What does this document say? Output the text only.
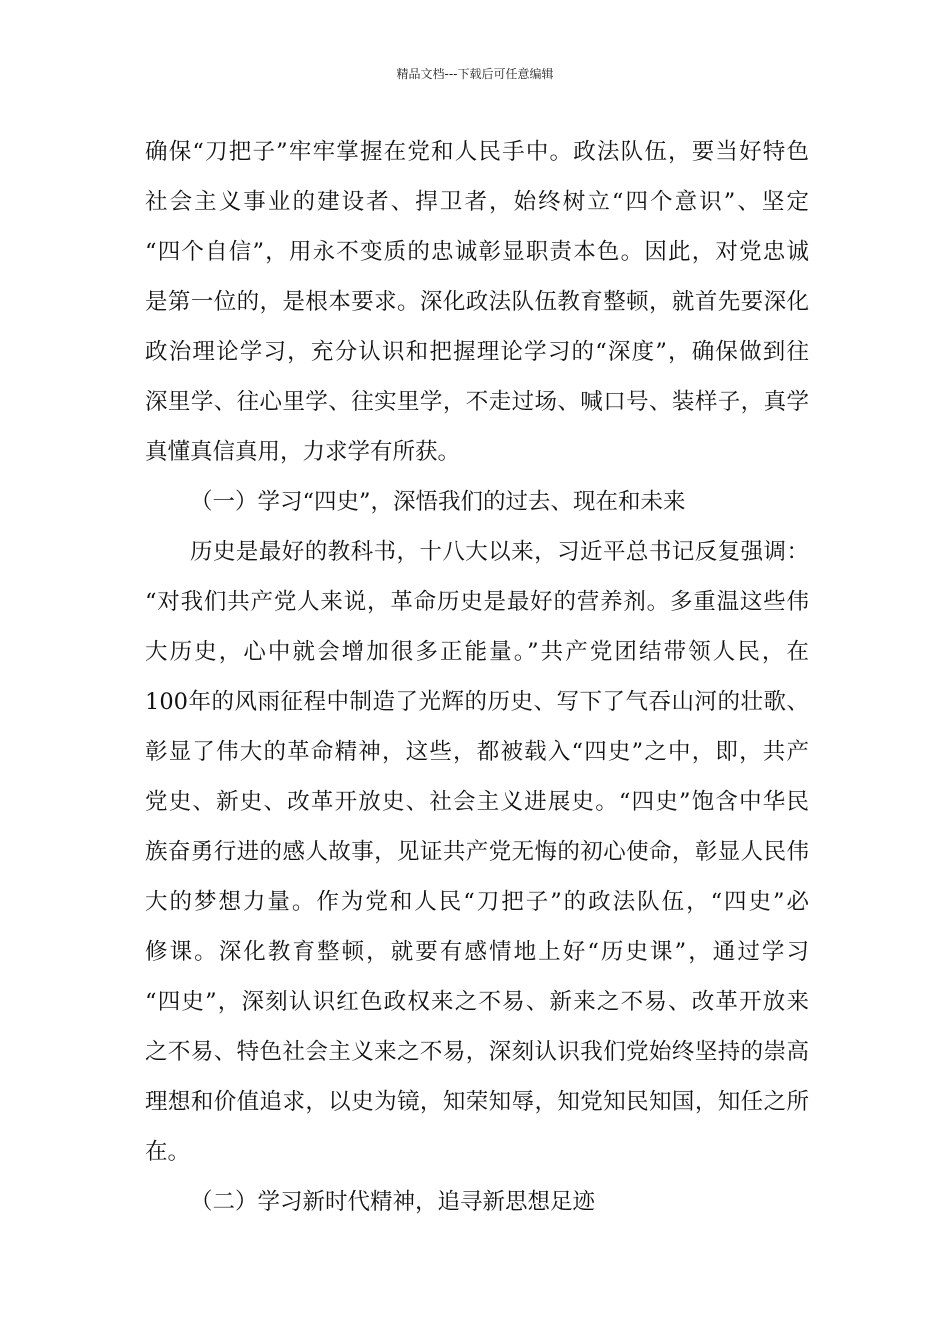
精品文档---下载后可任意编辑
确保“刀把子”牢牢掌握在党和人民手中。政法队伍，要当好特色
社会主义事业的建设者、捍卫者，始终树立“四个意识”、坚定
“四个自信”，用永不变质的忠诚彰显职责本色。因此，对党忠诚
是第一位的，是根本要求。深化政法队伍教育整顿，就首先要深化
政治理论学习，充分认识和把握理论学习的“深度”，确保做到往
深里学、往心里学、往实里学，不走过场、喊口号、装样子，真学
真懂真信真用，力求学有所获。
（一）学习“四史”，深悟我们的过去、现在和未来
历史是最好的教科书，十八大以来，习近平总书记反复强调：
“对我们共产党人来说，革命历史是最好的营养剂。多重温这些伟
大历史，心中就会增加很多正能量。”共产党团结带领人民，在
100年的风雨征程中制造了光辉的历史、写下了气吞山河的壮歌、
彰显了伟大的革命精神，这些，都被载入“四史”之中，即，共产
党史、新史、改革开放史、社会主义进展史。“四史”饱含中华民
族奋勇行进的感人故事，见证共产党无悔的初心使命，彰显人民伟
大的梦想力量。作为党和人民“刀把子”的政法队伍，“四史”必
修课。深化教育整顿，就要有感情地上好“历史课”，通过学习
“四史”，深刻认识红色政权来之不易、新来之不易、改革开放来
之不易、特色社会主义来之不易，深刻认识我们党始终坚持的崇高
理想和价值追求，以史为镜，知荣知辱，知党知民知国，知任之所
在。
（二）学习新时代精神，追寻新思想足迹
